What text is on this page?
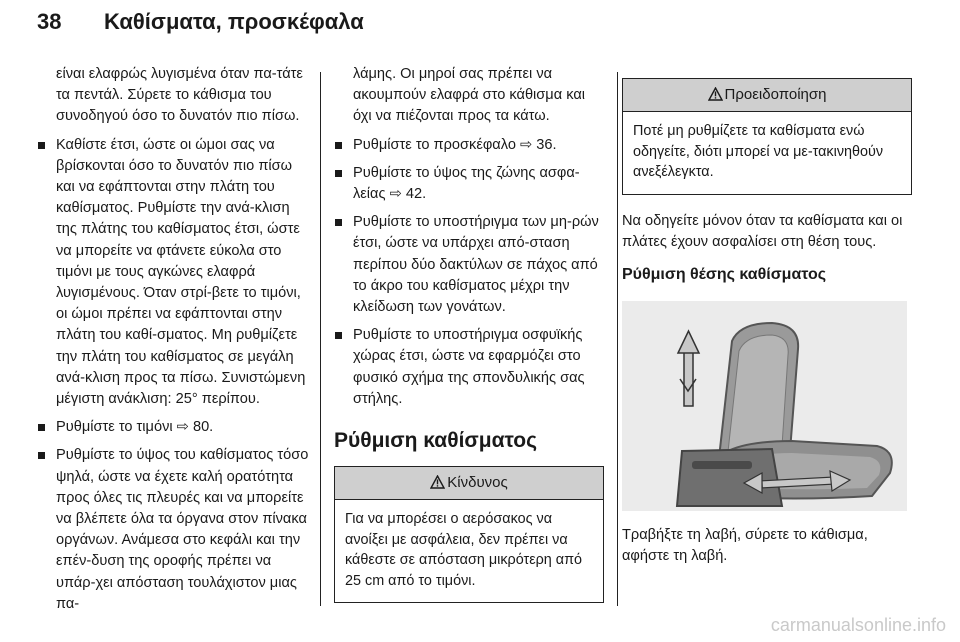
38 Καθίσματα, προσκέφαλα

είναι ελαφρώς λυγισμένα όταν πα-τάτε τα πεντάλ. Σύρετε το κάθισμα του συνοδηγού όσο το δυνατόν πιο πίσω.

Καθίστε έτσι, ώστε οι ώμοι σας να βρίσκονται όσο το δυνατόν πιο πίσω και να εφάπτονται στην πλάτη του καθίσματος. Ρυθμίστε την ανά-κλιση της πλάτης του καθίσματος έτσι, ώστε να μπορείτε να φτάνετε εύκολα στο τιμόνι με τους αγκώνες ελαφρά λυγισμένους. Όταν στρί-βετε το τιμόνι, οι ώμοι πρέπει να εφάπτονται στην πλάτη του καθί-σματος. Μη ρυθμίζετε την πλάτη του καθίσματος σε μεγάλη ανά-κλιση προς τα πίσω. Συνιστώμενη μέγιστη ανάκλιση: 25° περίπου.

Ρυθμίστε το τιμόνι ⇨ 80.

Ρυθμίστε το ύψος του καθίσματος τόσο ψηλά, ώστε να έχετε καλή ορατότητα προς όλες τις πλευρές και να μπορείτε να βλέπετε όλα τα όργανα στον πίνακα οργάνων. Ανάμεσα στο κεφάλι και την επέν-δυση της οροφής πρέπει να υπάρ-χει απόσταση τουλάχιστον μιας πα-

λάμης. Οι μηροί σας πρέπει να ακουμπούν ελαφρά στο κάθισμα και όχι να πιέζονται προς τα κάτω.

Ρυθμίστε το προσκέφαλο ⇨ 36.

Ρυθμίστε το ύψος της ζώνης ασφα-λείας ⇨ 42.

Ρυθμίστε το υποστήριγμα των μη-ρών έτσι, ώστε να υπάρχει από-σταση περίπου δύο δακτύλων σε πάχος από το άκρο του καθίσματος μέχρι την κλείδωση των γονάτων.

Ρυθμίστε το υποστήριγμα οσφυϊκής χώρας έτσι, ώστε να εφαρμόζει στο φυσικό σχήμα της σπονδυλικής σας στήλης.

Ρύθμιση καθίσματος
Κίνδυνος
Για να μπορέσει ο αερόσακος να ανοίξει με ασφάλεια, δεν πρέπει να κάθεστε σε απόσταση μικρότερη από 25 cm από το τιμόνι.
Προειδοποίηση
Ποτέ μη ρυθμίζετε τα καθίσματα ενώ οδηγείτε, διότι μπορεί να με-τακινηθούν ανεξέλεγκτα.

Να οδηγείτε μόνον όταν τα καθίσματα και οι πλάτες έχουν ασφαλίσει στη θέση τους.

Ρύθμιση θέσης καθίσματος

Τραβήξτε τη λαβή, σύρετε το κάθισμα, αφήστε τη λαβή.

carmanualsonline.info
